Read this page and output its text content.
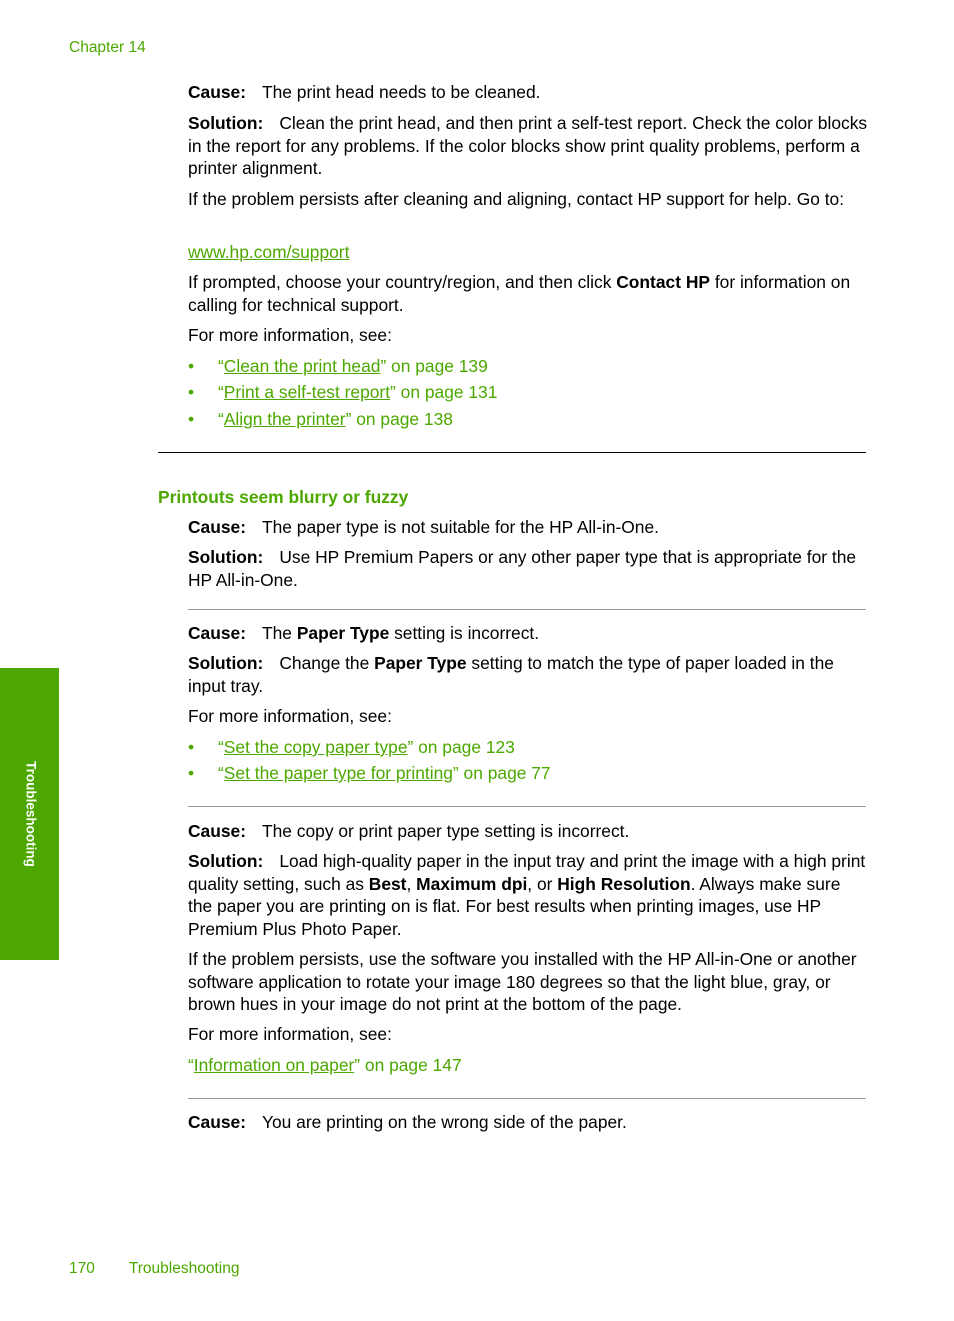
Chapter 14
Troubleshooting
Cause: The print head needs to be cleaned.
Solution: Clean the print head, and then print a self-test report. Check the color blocks in the report for any problems. If the color blocks show print quality problems, perform a printer alignment.
If the problem persists after cleaning and aligning, contact HP support for help. Go to:
www.hp.com/support
If prompted, choose your country/region, and then click Contact HP for information on calling for technical support.
For more information, see:
• “Clean the print head” on page 139
• “Print a self-test report” on page 131
• “Align the printer” on page 138
Printouts seem blurry or fuzzy
Cause: The paper type is not suitable for the HP All-in-One.
Solution: Use HP Premium Papers or any other paper type that is appropriate for the HP All-in-One.
Cause: The Paper Type setting is incorrect.
Solution: Change the Paper Type setting to match the type of paper loaded in the input tray.
For more information, see:
• “Set the copy paper type” on page 123
• “Set the paper type for printing” on page 77
Cause: The copy or print paper type setting is incorrect.
Solution: Load high-quality paper in the input tray and print the image with a high print quality setting, such as Best, Maximum dpi, or High Resolution. Always make sure the paper you are printing on is flat. For best results when printing images, use HP Premium Plus Photo Paper.
If the problem persists, use the software you installed with the HP All-in-One or another software application to rotate your image 180 degrees so that the light blue, gray, or brown hues in your image do not print at the bottom of the page.
For more information, see:
“Information on paper” on page 147
Cause: You are printing on the wrong side of the paper.
170 Troubleshooting
